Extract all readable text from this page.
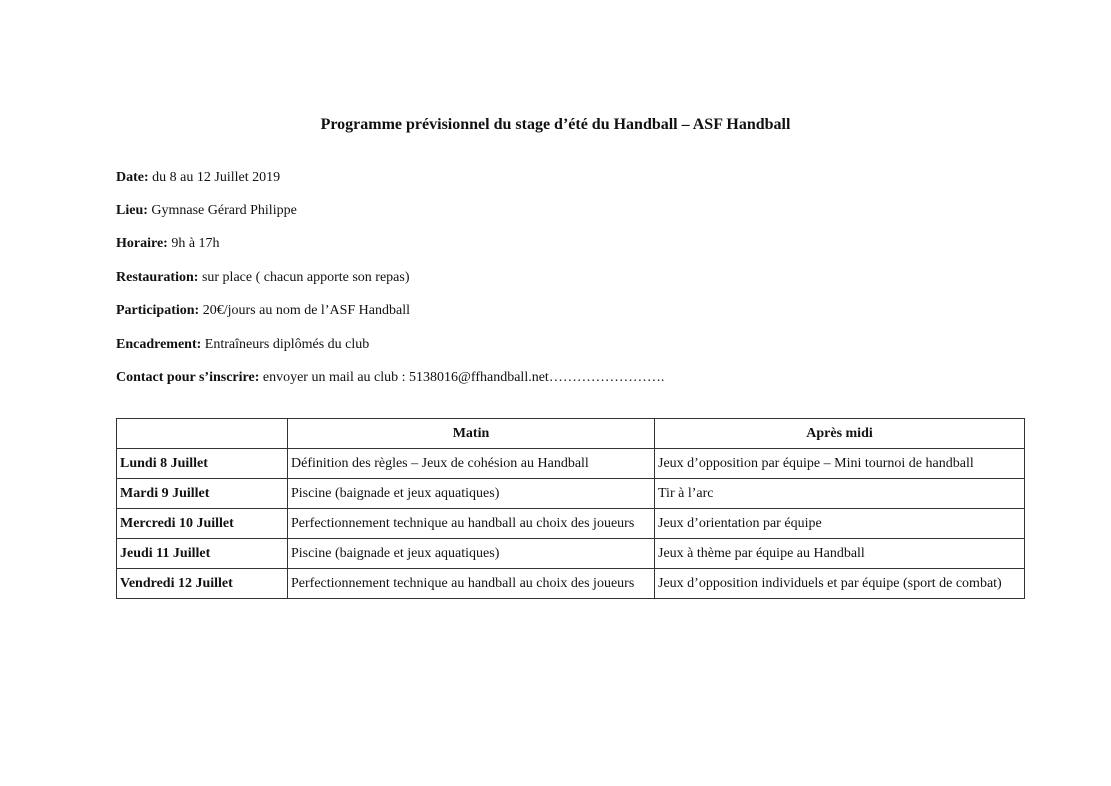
Programme prévisionnel du stage d’été du Handball – ASF Handball
Date: du 8 au 12 Juillet 2019
Lieu: Gymnase Gérard Philippe
Horaire: 9h à 17h
Restauration: sur place ( chacun apporte son repas)
Participation: 20€/jours au nom de l’ASF Handball
Encadrement: Entraîneurs diplômés du club
Contact pour s’inscrire: envoyer un mail au club : 5138016@ffhandball.net…………………….
	Matin	Après midi
Lundi 8 Juillet	Définition des règles – Jeux de cohésion au Handball	Jeux d’opposition par équipe – Mini tournoi de handball
Mardi 9 Juillet	Piscine (baignade et jeux aquatiques)	Tir à l’arc
Mercredi 10 Juillet	Perfectionnement technique au handball au choix des joueurs	Jeux d’orientation par équipe
Jeudi 11 Juillet	Piscine (baignade et jeux aquatiques)	Jeux à thème par équipe au Handball
Vendredi 12 Juillet	Perfectionnement technique au handball au choix des joueurs	Jeux d’opposition individuels et par équipe (sport de combat)
